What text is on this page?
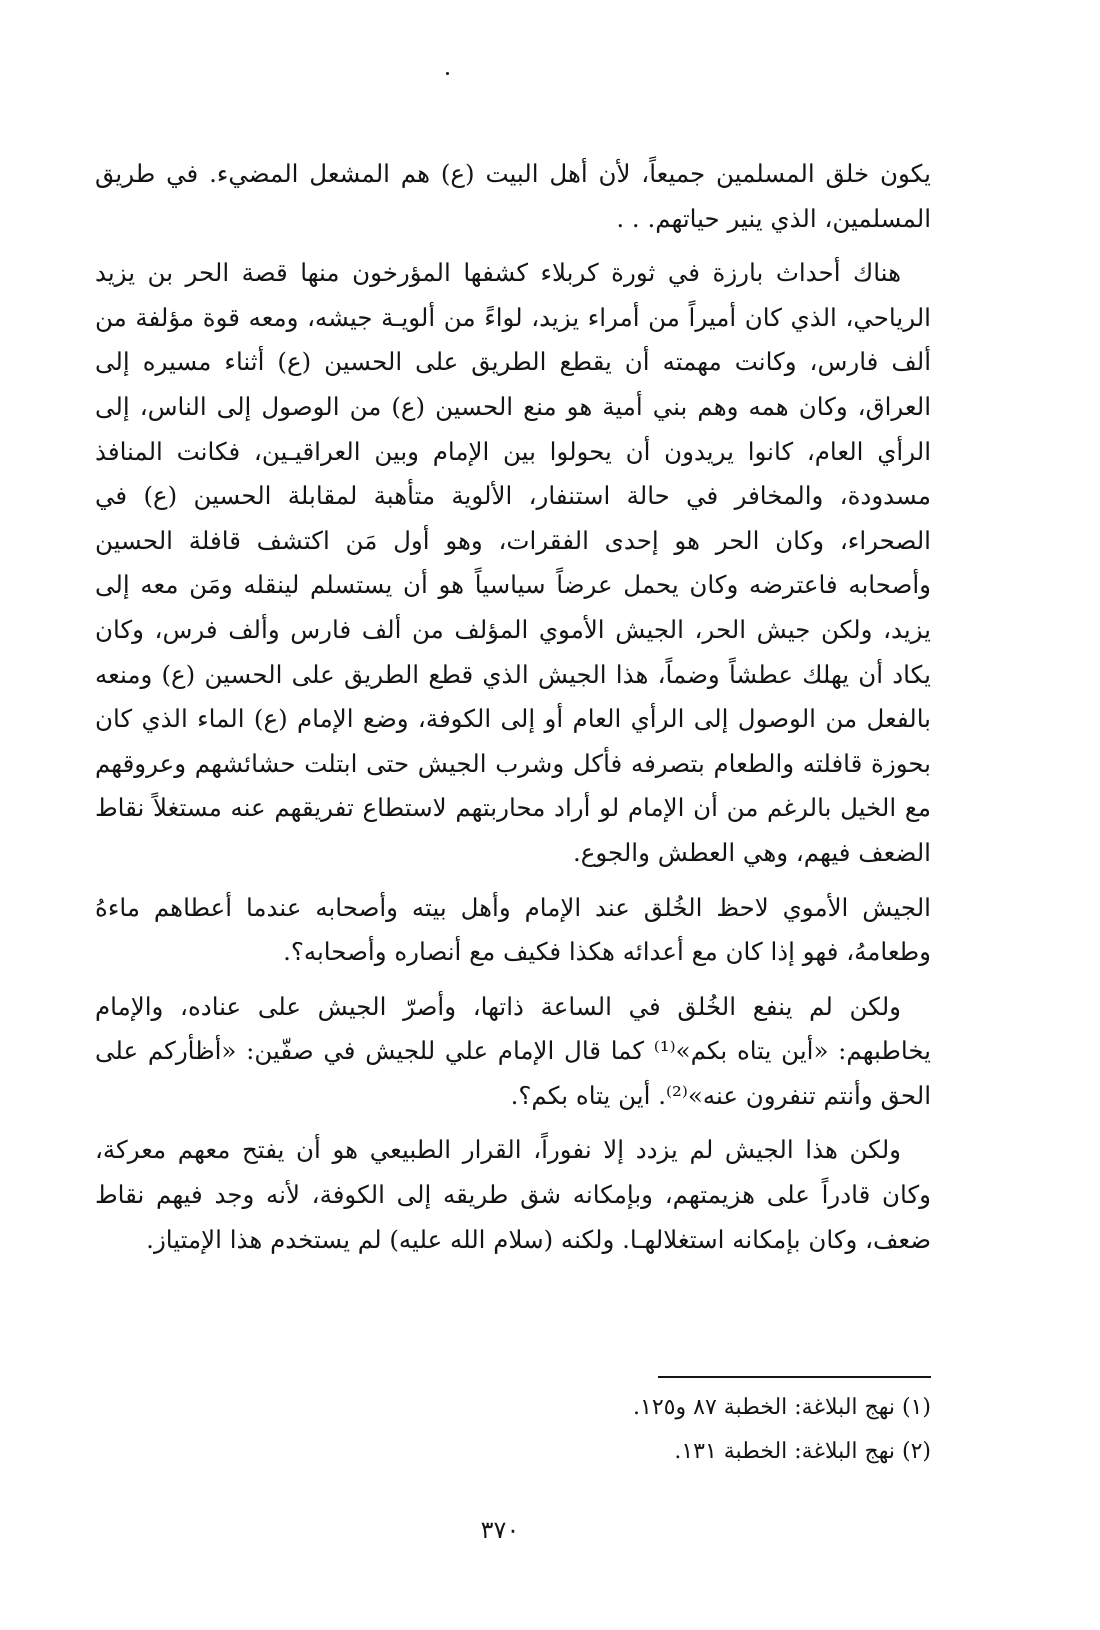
يكون خلق المسلمين جميعاً، لأن أهل البيت (ع) هم المشعل المضيء. في طريق المسلمين، الذي ينير حياتهم. . .

هناك أحداث بارزة في ثورة كربلاء كشفها المؤرخون منها قصة الحر بن يزيد الرياحي، الذي كان أميراً من أمراء يزيد، لواءً من ألويـة جيشه، ومعه قوة مؤلفة من ألف فارس، وكانت مهمته أن يقطع الطريق على الحسين (ع) أثناء مسيره إلى العراق، وكان همه وهم بني أمية هو منع الحسين (ع) من الوصول إلى الناس، إلى الرأي العام، كانوا يريدون أن يحولوا بين الإمام وبين العراقيـين، فكانت المنافذ مسدودة، والمخافر في حالة استنفار، الألوية متأهبة لمقابلة الحسين (ع) في الصحراء، وكان الحر هو إحدى الفقرات، وهو أول مَن اكتشف قافلة الحسين وأصحابه فاعترضه وكان يحمل عرضاً سياسياً هو أن يستسلم لينقله ومَن معه إلى يزيد، ولكن جيش الحر، الجيش الأموي المؤلف من ألف فارس وألف فرس، وكان يكاد أن يهلك عطشاً وضماً، هذا الجيش الذي قطع الطريق على الحسين (ع) ومنعه بالفعل من الوصول إلى الرأي العام أو إلى الكوفة، وضع الإمام (ع) الماء الذي كان بحوزة قافلته والطعام بتصرفه فأكل وشرب الجيش حتى ابتلت حشائشهم وعروقهم مع الخيل بالرغم من أن الإمام لو أراد محاربتهم لاستطاع تفريقهم عنه مستغلاً نقاط الضعف فيهم، وهي العطش والجوع.

الجيش الأموي لاحظ الخُلق عند الإمام وأهل بيته وأصحابه عندما أعطاهم ماءهُ وطعامهُ، فهو إذا كان مع أعدائه هكذا فكيف مع أنصاره وأصحابه؟.

ولكن لم ينفع الخُلق في الساعة ذاتها، وأصرّ الجيش على عناده، والإمام يخاطبهم: «أين يتاه بكم»⁽¹⁾ كما قال الإمام علي للجيش في صفّين: «أظأركم على الحق وأنتم تنفرون عنه»⁽²⁾. أين يتاه بكم؟.

ولكن هذا الجيش لم يزدد إلا نفوراً، القرار الطبيعي هو أن يفتح معهم معركة، وكان قادراً على هزيمتهم، وبإمكانه شق طريقه إلى الكوفة، لأنه وجد فيهم نقاط ضعف، وكان بإمكانه استغلالهـا. ولكنه (سلام الله عليه) لم يستخدم هذا الإمتياز.

(١) نهج البلاغة: الخطبة ٨٧ و١٢٥.
(٢) نهج البلاغة: الخطبة ١٣١.
٣٧٠
